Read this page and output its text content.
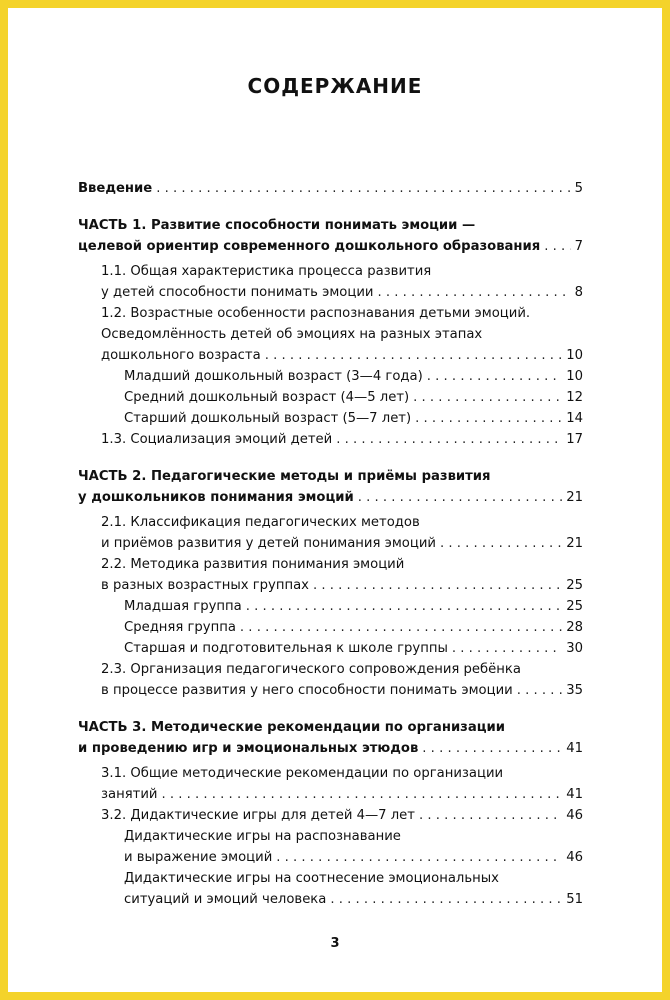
СОДЕРЖАНИЕ
Введение . . .	5
ЧАСТЬ 1. Развитие способности понимать эмоции —
целевой ориентир современного дошкольного образования . . .	7
1.1. Общая характеристика процесса развития
у детей способности понимать эмоции . . .	8
1.2. Возрастные особенности распознавания детьми эмоций.
Осведомлённость детей об эмоциях на разных этапах
дошкольного возраста . . .	10
Младший дошкольный возраст (3—4 года) . . .	10
Средний дошкольный возраст (4—5 лет) . . .	12
Старший дошкольный возраст (5—7 лет) . . .	14
1.3. Социализация эмоций детей . . .	17
ЧАСТЬ 2. Педагогические методы и приёмы развития
у дошкольников понимания эмоций . . .	21
2.1. Классификация педагогических методов
и приёмов развития у детей понимания эмоций . . .	21
2.2. Методика развития понимания эмоций
в разных возрастных группах . . .	25
Младшая группа . . .	25
Средняя группа . . .	28
Старшая и подготовительная к школе группы . . .	30
2.3. Организация педагогического сопровождения ребёнка
в процессе развития у него способности понимать эмоции . . .	35
ЧАСТЬ 3. Методические рекомендации по организации
и проведению игр и эмоциональных этюдов . . .	41
3.1. Общие методические рекомендации по организации
занятий . . .	41
3.2. Дидактические игры для детей 4—7 лет . . .	46
Дидактические игры на распознавание
и выражение эмоций . . .	46
Дидактические игры на соотнесение эмоциональных
ситуаций и эмоций человека . . .	51
3
